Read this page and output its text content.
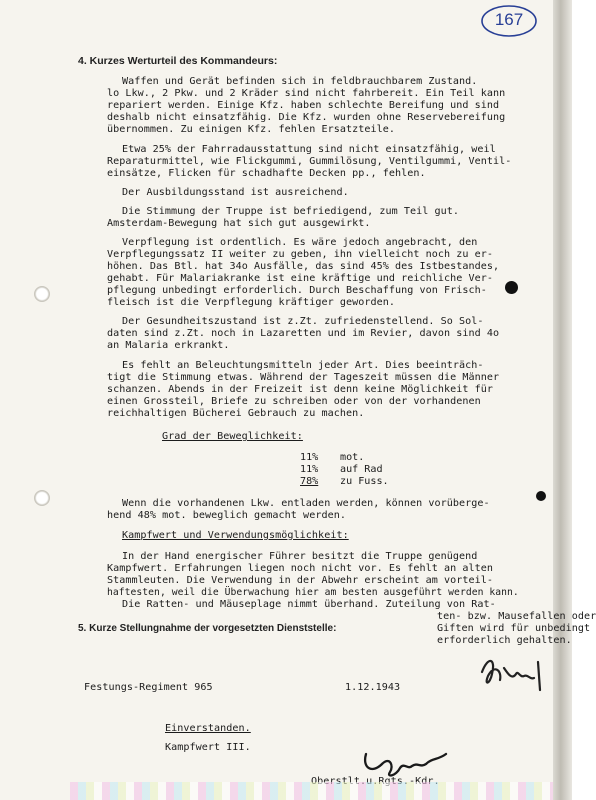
167
4. Kurzes Werturteil des Kommandeurs:
Waffen und Gerät befinden sich in feldbrauchbarem Zustand.
lo Lkw., 2 Pkw. und 2 Kräder sind nicht fahrbereit. Ein Teil kann
repariert werden. Einige Kfz. haben schlechte Bereifung und sind
deshalb nicht einsatzfähig. Die Kfz. wurden ohne Reservebereifung
übernommen. Zu einigen Kfz. fehlen Ersatzteile.
Etwa 25% der Fahrradausstattung sind nicht einsatzfähig, weil
Reparaturmittel, wie Flickgummi, Gummilösung, Ventilgummi, Ventil-
einsätze, Flicken für schadhafte Decken pp., fehlen.
Der Ausbildungsstand ist ausreichend.
Die Stimmung der Truppe ist befriedigend, zum Teil gut.
Amsterdam-Bewegung hat sich gut ausgewirkt.
Verpflegung ist ordentlich. Es wäre jedoch angebracht, den
Verpflegungssatz II weiter zu geben, ihn vielleicht noch zu er-
höhen. Das Btl. hat 34o Ausfälle, das sind 45% des Istbestandes,
gehabt. Für Malariakranke ist eine kräftige und reichliche Ver-
pflegung unbedingt erforderlich. Durch Beschaffung von Frisch-
fleisch ist die Verpflegung kräftiger geworden.
Der Gesundheitszustand ist z.Zt. zufriedenstellend. So Sol-
daten sind z.Zt. noch in Lazaretten und im Revier, davon sind 4o
an Malaria erkrankt.
Es fehlt an Beleuchtungsmitteln jeder Art. Dies beeinträch-
tigt die Stimmung etwas. Während der Tageszeit müssen die Männer
schanzen. Abends in der Freizeit ist denn keine Möglichkeit für
einen Grossteil, Briefe zu schreiben oder von der vorhandenen
reichhaltigen Bücherei Gebrauch zu machen.
Grad der Beweglichkeit:
11% mot.
11% auf Rad
78% zu Fuss.
Wenn die vorhandenen Lkw. entladen werden, können vorüberge-
hend 48% mot. beweglich gemacht werden.
Kampfwert und Verwendungsmöglichkeit:
In der Hand energischer Führer besitzt die Truppe genügend
Kampfwert. Erfahrungen liegen noch nicht vor. Es fehlt an alten
Stammleuten. Die Verwendung in der Abwehr erscheint am vorteil-
haftesten, weil die Überwachung hier am besten ausgeführt werden kann.
Die Ratten- und Mäuseplage nimmt überhand. Zuteilung von Rat-
5. Kurze Stellungnahme der vorgesetzten Dienststelle:
ten- bzw. Mausefallen oder
Giften wird für unbedingt
erforderlich gehalten.
Festungs-Regiment 965	1.12.1943
Einverstanden.
Kampfwert III.
